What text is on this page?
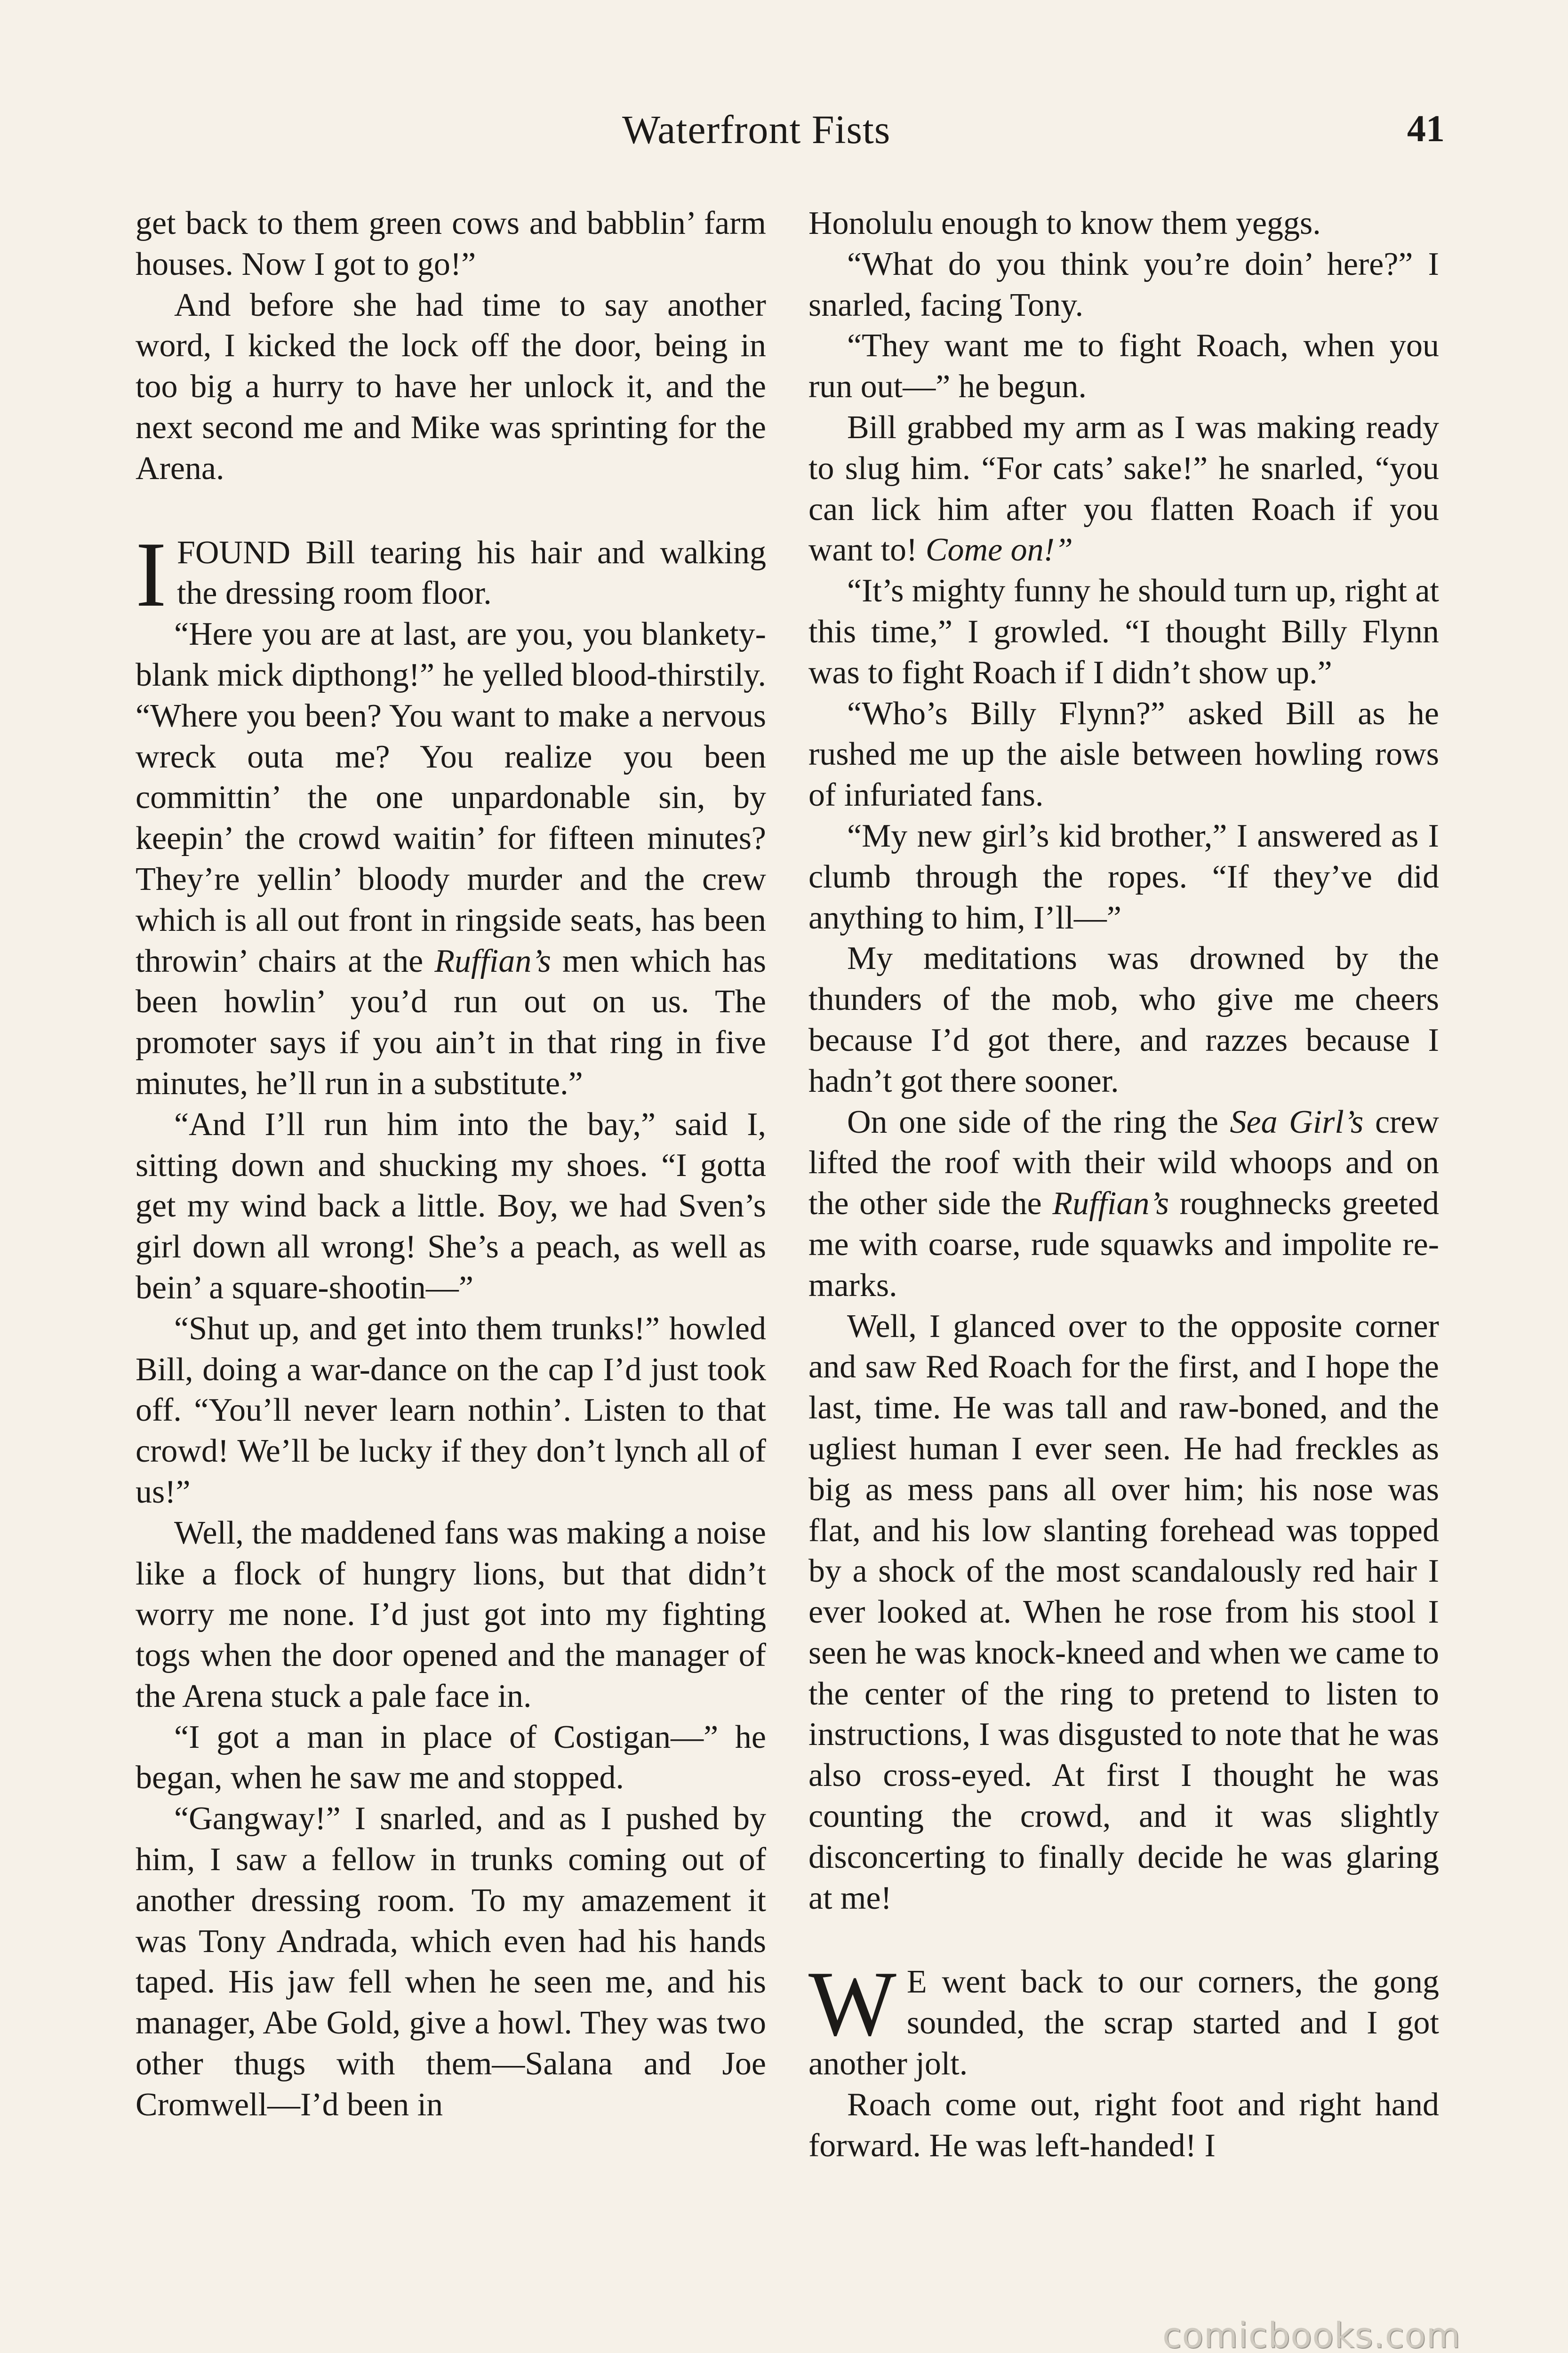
Waterfront Fists	41

get back to them green cows and babblin’ farm houses. Now I got to go!”

And before she had time to say another word, I kicked the lock off the door, being in too big a hurry to have her unlock it, and the next second me and Mike was sprinting for the Arena.

IFOUND Bill tearing his hair and walking the dressing room floor.

“Here you are at last, are you, you blankety-blank mick dipthong!” he yelled blood-thirstily. “Where you been? You want to make a nervous wreck outa me? You realize you been committin’ the one unpardonable sin, by keepin’ the crowd waitin’ for fifteen minutes? They’re yellin’ bloody murder and the crew which is all out front in ringside seats, has been throwin’ chairs at the Ruffian’s men which has been howlin’ you’d run out on us. The promoter says if you ain’t in that ring in five minutes, he’ll run in a substitute.”

“And I’ll run him into the bay,” said I, sitting down and shucking my shoes. “I gotta get my wind back a little. Boy, we had Sven’s girl down all wrong! She’s a peach, as well as bein’ a square-shootin—”

“Shut up, and get into them trunks!” howled Bill, doing a war-dance on the cap I’d just took off. “You’ll never learn nothin’. Listen to that crowd! We’ll be lucky if they don’t lynch all of us!”

Well, the maddened fans was making a noise like a flock of hungry lions, but that didn’t worry me none. I’d just got into my fighting togs when the door opened and the manager of the Arena stuck a pale face in.

“I got a man in place of Costigan—” he began, when he saw me and stopped.

“Gangway!” I snarled, and as I pushed by him, I saw a fellow in trunks coming out of another dressing room. To my amazement it was Tony Andrada, which even had his hands taped. His jaw fell when he seen me, and his manager, Abe Gold, give a howl. They was two other thugs with them—Salana and Joe Cromwell—I’d been in

Honolulu enough to know them yeggs.

“What do you think you’re doin’ here?” I snarled, facing Tony.

“They want me to fight Roach, when you run out—” he begun.

Bill grabbed my arm as I was making ready to slug him. “For cats’ sake!” he snarled, “you can lick him after you flatten Roach if you want to! Come on!”

“It’s mighty funny he should turn up, right at this time,” I growled. “I thought Billy Flynn was to fight Roach if I didn’t show up.”

“Who’s Billy Flynn?” asked Bill as he rushed me up the aisle between howling rows of infuriated fans.

“My new girl’s kid brother,” I answered as I clumb through the ropes. “If they’ve did anything to him, I’ll—”

My meditations was drowned by the thunders of the mob, who give me cheers because I’d got there, and razzes because I hadn’t got there sooner.

On one side of the ring the Sea Girl’s crew lifted the roof with their wild whoops and on the other side the Ruffian’s roughnecks greeted me with coarse, rude squawks and impolite remarks.

Well, I glanced over to the opposite corner and saw Red Roach for the first, and I hope the last, time. He was tall and raw-boned, and the ugliest human I ever seen. He had freckles as big as mess pans all over him; his nose was flat, and his low slanting forehead was topped by a shock of the most scandalously red hair I ever looked at. When he rose from his stool I seen he was knock-kneed and when we came to the center of the ring to pretend to listen to instructions, I was disgusted to note that he was also cross-eyed. At first I thought he was counting the crowd, and it was slightly disconcerting to finally decide he was glaring at me!

W E went back to our corners, the gong sounded, the scrap started and I got another jolt.

Roach come out, right foot and right hand forward. He was left-handed! I

comicbooks.com
